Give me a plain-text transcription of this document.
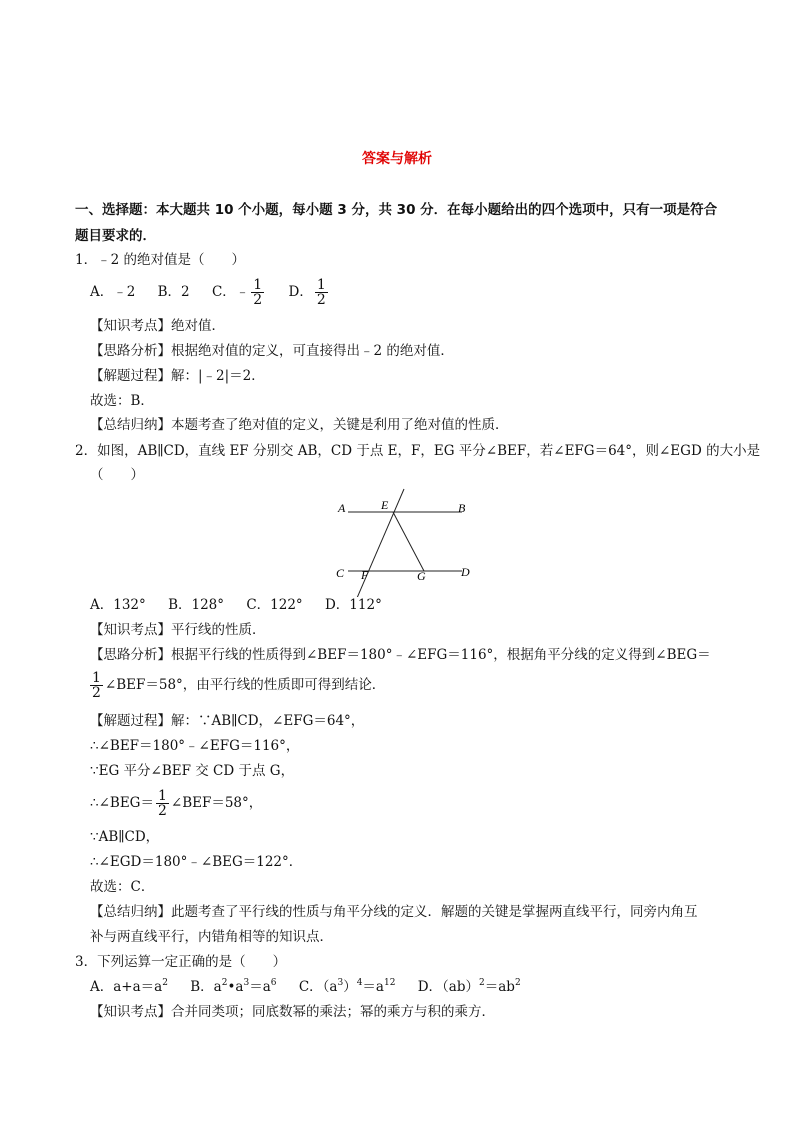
答案与解析
一、选择题：本大题共 10 个小题，每小题 3 分，共 30 分．在每小题给出的四个选项中，只有一项是符合
题目要求的．
1．﹣2 的绝对值是（　　）
A．﹣2 B．2 C．﹣ $\frac{1}{2}$ D． $\frac{1}{2}$
【知识考点】绝对值．
【思路分析】根据绝对值的定义，可直接得出﹣2 的绝对值．
【解题过程】解：|﹣2|＝2．
故选：B．
【总结归纳】本题考查了绝对值的定义，关键是利用了绝对值的性质．
2．如图，AB∥CD，直线 EF 分别交 AB，CD 于点 E，F，EG 平分∠BEF，若∠EFG＝64°，则∠EGD 的大小是
（　　）
A	E	B
C F	G	D
A．132° B．128° C．122° D．112°
【知识考点】平行线的性质．
【思路分析】根据平行线的性质得到∠BEF＝180°﹣∠EFG＝116°，根据角平分线的定义得到∠BEG＝
$\frac{1}{2}$ ∠BEF＝58°，由平行线的性质即可得到结论．
【解题过程】解：∵AB∥CD，∠EFG＝64°，
∴∠BEF＝180°﹣∠EFG＝116°，
∵EG 平分∠BEF 交 CD 于点 G，
∴∠BEG＝ $\frac{1}{2}$ ∠BEF＝58°，
∵AB∥CD，
∴∠EGD＝180°﹣∠BEG＝122°．
故选：C．
【总结归纳】此题考查了平行线的性质与角平分线的定义．解题的关键是掌握两直线平行，同旁内角互
补与两直线平行，内错角相等的知识点．
3．下列运算一定正确的是（　　）
A．$a+a=a^2$ B．$a^2•a^3=a^6$ C．$(a^3)^4=a^{12}$ D．$(ab)^2=ab^2$
【知识考点】合并同类项；同底数幂的乘法；幂的乘方与积的乘方．
